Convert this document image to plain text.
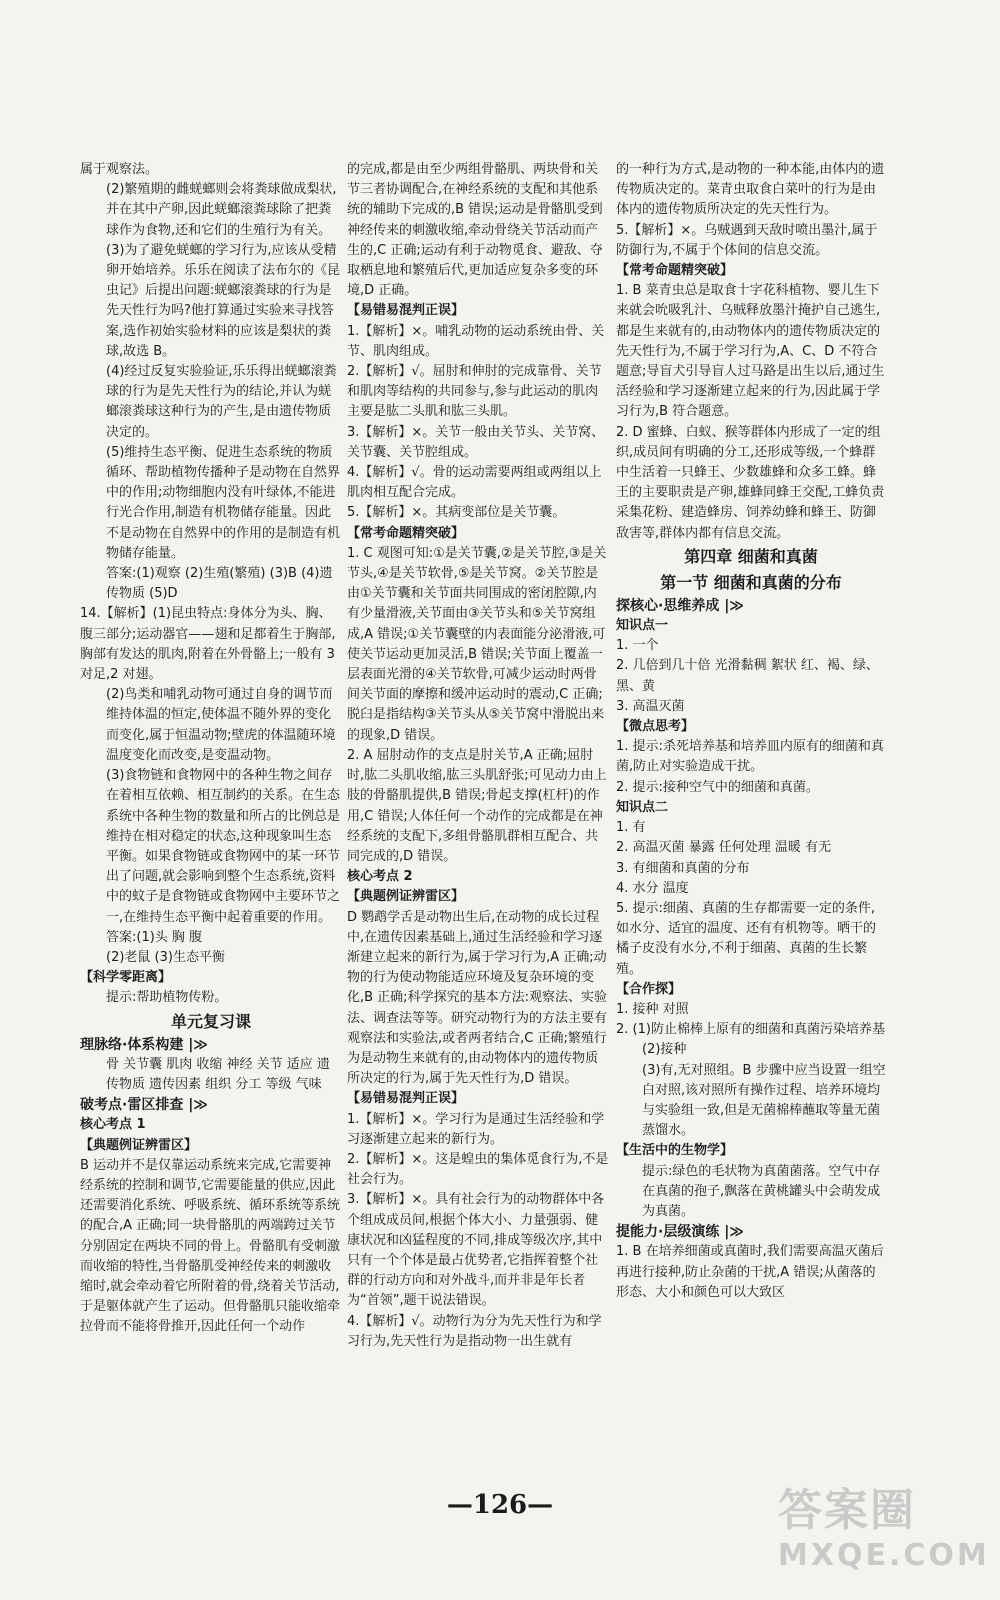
属于观察法。

(2)繁殖期的雌蜣螂则会将粪球做成梨状,并在其中产卵,因此蜣螂滚粪球除了把粪球作为食物,还和它们的生殖行为有关。

(3)为了避免蜣螂的学习行为,应该从受精卵开始培养。乐乐在阅读了法布尔的《昆虫记》后提出问题:蜣螂滚粪球的行为是先天性行为吗?他打算通过实验来寻找答案,选作初始实验材料的应该是梨状的粪球,故选 B。

(4)经过反复实验验证,乐乐得出蜣螂滚粪球的行为是先天性行为的结论,并认为蜣螂滚粪球这种行为的产生,是由遗传物质决定的。

(5)维持生态平衡、促进生态系统的物质循环、帮助植物传播种子是动物在自然界中的作用;动物细胞内没有叶绿体,不能进行光合作用,制造有机物储存能量。因此不是动物在自然界中的作用的是制造有机物储存能量。

答案:(1)观察 (2)生殖(繁殖) (3)B (4)遗传物质 (5)D

14.【解析】(1)昆虫特点:身体分为头、胸、腹三部分;运动器官——翅和足都着生于胸部,胸部有发达的肌肉,附着在外骨骼上;一般有 3 对足,2 对翅。

(2)鸟类和哺乳动物可通过自身的调节而维持体温的恒定,使体温不随外界的变化而变化,属于恒温动物;壁虎的体温随环境温度变化而改变,是变温动物。

(3)食物链和食物网中的各种生物之间存在着相互依赖、相互制约的关系。在生态系统中各种生物的数量和所占的比例总是维持在相对稳定的状态,这种现象叫生态平衡。如果食物链或食物网中的某一环节出了问题,就会影响到整个生态系统,资料中的蚊子是食物链或食物网中主要环节之一,在维持生态平衡中起着重要的作用。

答案:(1)头 胸 腹

(2)老鼠 (3)生态平衡

【科学零距离】

提示:帮助植物传粉。

单元复习课

理脉络·体系构建 |≫

骨 关节囊 肌肉 收缩 神经 关节 适应 遗传物质 遗传因素 组织 分工 等级 气味

破考点·雷区排查 |≫

核心考点 1

【典题例证辨雷区】

B 运动并不是仅靠运动系统来完成,它需要神经系统的控制和调节,它需要能量的供应,因此还需要消化系统、呼吸系统、循环系统等系统的配合,A 正确;同一块骨骼肌的两端跨过关节分别固定在两块不同的骨上。骨骼肌有受刺激而收缩的特性,当骨骼肌受神经传来的刺激收缩时,就会牵动着它所附着的骨,绕着关节活动,于是躯体就产生了运动。但骨骼肌只能收缩牵拉骨而不能将骨推开,因此任何一个动作

的完成,都是由至少两组骨骼肌、两块骨和关节三者协调配合,在神经系统的支配和其他系统的辅助下完成的,B 错误;运动是骨骼肌受到神经传来的刺激收缩,牵动骨绕关节活动而产生的,C 正确;运动有利于动物觅食、避敌、夺取栖息地和繁殖后代,更加适应复杂多变的环境,D 正确。

【易错易混判正误】

1.【解析】×。哺乳动物的运动系统由骨、关节、肌肉组成。

2.【解析】√。屈肘和伸肘的完成靠骨、关节和肌肉等结构的共同参与,参与此运动的肌肉主要是肱二头肌和肱三头肌。

3.【解析】×。关节一般由关节头、关节窝、关节囊、关节腔组成。

4.【解析】√。骨的运动需要两组或两组以上肌肉相互配合完成。

5.【解析】×。其病变部位是关节囊。

【常考命题精突破】

1. C 观图可知:①是关节囊,②是关节腔,③是关节头,④是关节软骨,⑤是关节窝。②关节腔是由①关节囊和关节面共同围成的密闭腔隙,内有少量滑液,关节面由③关节头和⑤关节窝组成,A 错误;①关节囊壁的内表面能分泌滑液,可使关节运动更加灵活,B 错误;关节面上覆盖一层表面光滑的④关节软骨,可减少运动时两骨间关节面的摩擦和缓冲运动时的震动,C 正确;脱臼是指结构③关节头从⑤关节窝中滑脱出来的现象,D 错误。

2. A 屈肘动作的支点是肘关节,A 正确;屈肘时,肱二头肌收缩,肱三头肌舒张;可见动力由上肢的骨骼肌提供,B 错误;骨起支撑(杠杆)的作用,C 错误;人体任何一个动作的完成都是在神经系统的支配下,多组骨骼肌群相互配合、共同完成的,D 错误。

核心考点 2

【典题例证辨雷区】

D 鹦鹉学舌是动物出生后,在动物的成长过程中,在遗传因素基础上,通过生活经验和学习逐渐建立起来的新行为,属于学习行为,A 正确;动物的行为使动物能适应环境及复杂环境的变化,B 正确;科学探究的基本方法:观察法、实验法、调查法等等。研究动物行为的方法主要有观察法和实验法,或者两者结合,C 正确;繁殖行为是动物生来就有的,由动物体内的遗传物质所决定的行为,属于先天性行为,D 错误。

【易错易混判正误】

1.【解析】×。学习行为是通过生活经验和学习逐渐建立起来的新行为。

2.【解析】×。这是蝗虫的集体觅食行为,不是社会行为。

3.【解析】×。具有社会行为的动物群体中各个组成成员间,根据个体大小、力量强弱、健康状况和凶猛程度的不同,排成等级次序,其中只有一个个体是最占优势者,它指挥着整个社群的行动方向和对外战斗,而并非是年长者为“首领”,题干说法错误。

4.【解析】√。动物行为分为先天性行为和学习行为,先天性行为是指动物一出生就有

的一种行为方式,是动物的一种本能,由体内的遗传物质决定的。菜青虫取食白菜叶的行为是由体内的遗传物质所决定的先天性行为。

5.【解析】×。乌贼遇到天敌时喷出墨汁,属于防御行为,不属于个体间的信息交流。

【常考命题精突破】

1. B 菜青虫总是取食十字花科植物、婴儿生下来就会吮吸乳汁、乌贼释放墨汁掩护自己逃生,都是生来就有的,由动物体内的遗传物质决定的先天性行为,不属于学习行为,A、C、D 不符合题意;导盲犬引导盲人过马路是出生以后,通过生活经验和学习逐渐建立起来的行为,因此属于学习行为,B 符合题意。

2. D 蜜蜂、白蚁、猴等群体内形成了一定的组织,成员间有明确的分工,还形成等级,一个蜂群中生活着一只蜂王、少数雄蜂和众多工蜂。蜂王的主要职责是产卵,雄蜂同蜂王交配,工蜂负责采集花粉、建造蜂房、饲养幼蜂和蜂王、防御敌害等,群体内都有信息交流。

第四章 细菌和真菌

第一节 细菌和真菌的分布

探核心·思维养成 |≫

知识点一

1. 一个

2. 几倍到几十倍 光滑黏稠 絮状 红、褐、绿、黑、黄

3. 高温灭菌

【微点思考】

1. 提示:杀死培养基和培养皿内原有的细菌和真菌,防止对实验造成干扰。

2. 提示:接种空气中的细菌和真菌。

知识点二

1. 有

2. 高温灭菌 暴露 任何处理 温暖 有无

3. 有细菌和真菌的分布

4. 水分 温度

5. 提示:细菌、真菌的生存都需要一定的条件,如水分、适宜的温度、还有有机物等。晒干的橘子皮没有水分,不利于细菌、真菌的生长繁殖。

【合作探】

1. 接种 对照

2. (1)防止棉棒上原有的细菌和真菌污染培养基

(2)接种

(3)有,无对照组。B 步骤中应当设置一组空白对照,该对照所有操作过程、培养环境均与实验组一致,但是无菌棉棒蘸取等量无菌蒸馏水。

【生活中的生物学】

提示:绿色的毛状物为真菌菌落。空气中存在真菌的孢子,飘落在黄桃罐头中会萌发成为真菌。

提能力·层级演练 |≫

1. B 在培养细菌或真菌时,我们需要高温灭菌后再进行接种,防止杂菌的干扰,A 错误;从菌落的形态、大小和颜色可以大致区

—126—	答案圈
MXQE.COM
